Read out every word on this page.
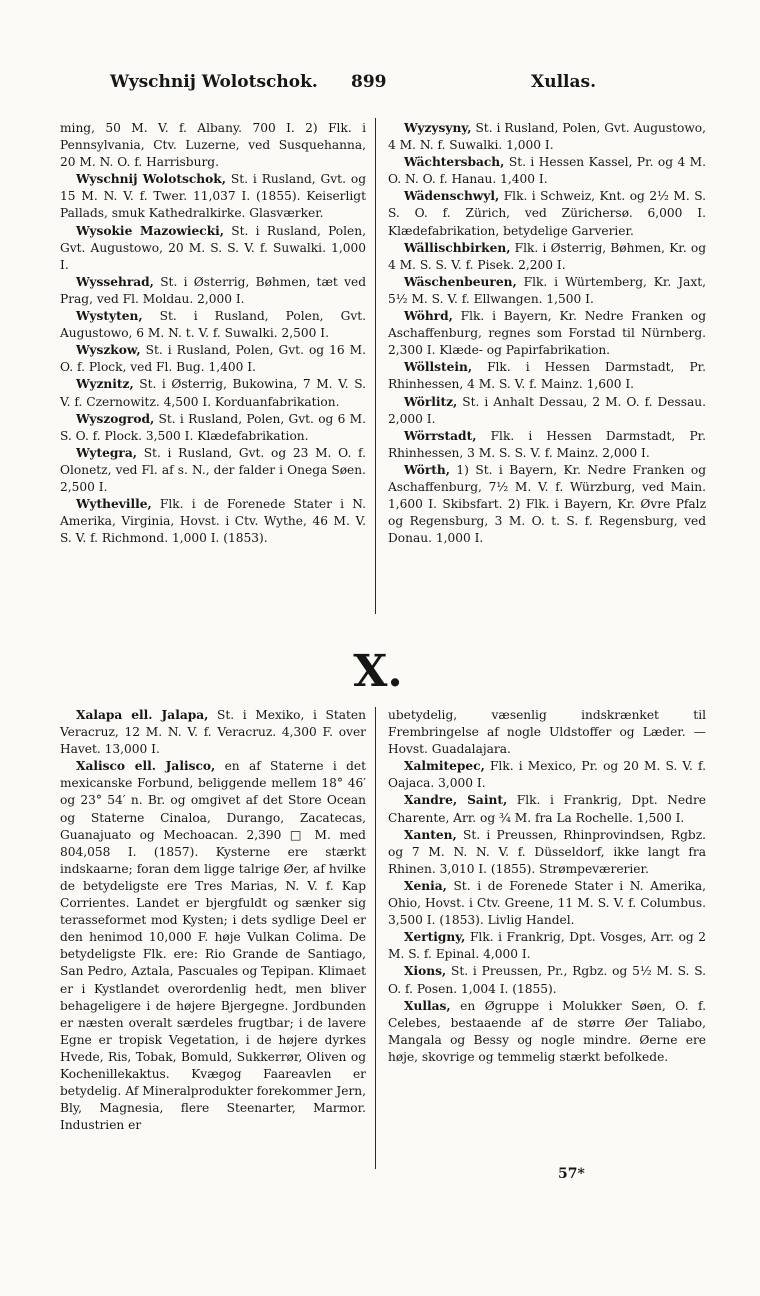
Wyschnij Wolotschok. 899	Xullas.

ming, 50 M. V. f. Albany. 700 I. 2) Flk. i Pennsylvania, Ctv. Luzerne, ved Susquehanna, 20 M. N. O. f. Harrisburg.

Wyschnij Wolotschok, St. i Rusland, Gvt. og 15 M. N. V. f. Twer. 11,037 I. (1855). Keiserligt Pallads, smuk Kathedralkirke. Glasværker.

Wysokie Mazowiecki, St. i Rusland, Polen, Gvt. Augustowo, 20 M. S. S. V. f. Suwalki. 1,000 I.

Wyssehrad, St. i Østerrig, Bøhmen, tæt ved Prag, ved Fl. Moldau. 2,000 I.

Wystyten, St. i Rusland, Polen, Gvt. Augustowo, 6 M. N. t. V. f. Suwalki. 2,500 I.

Wyszkow, St. i Rusland, Polen, Gvt. og 16 M. O. f. Plock, ved Fl. Bug. 1,400 I.

Wyznitz, St. i Østerrig, Bukowina, 7 M. V. S. V. f. Czernowitz. 4,500 I. Korduanfabrikation.

Wyszogrod, St. i Rusland, Polen, Gvt. og 6 M. S. O. f. Plock. 3,500 I. Klædefabrikation.

Wytegra, St. i Rusland, Gvt. og 23 M. O. f. Olonetz, ved Fl. af s. N., der falder i Onega Søen. 2,500 I.

Wytheville, Flk. i de Forenede Stater i N. Amerika, Virginia, Hovst. i Ctv. Wythe, 46 M. V. S. V. f. Richmond. 1,000 I. (1853).

Wyzysyny, St. i Rusland, Polen, Gvt. Augustowo, 4 M. N. f. Suwalki. 1,000 I.

Wächtersbach, St. i Hessen Kassel, Pr. og 4 M. O. N. O. f. Hanau. 1,400 I.

Wädenschwyl, Flk. i Schweiz, Knt. og 2½ M. S. S. O. f. Zürich, ved Zürichersø. 6,000 I. Klædefabrikation, betydelige Garverier.

Wällischbirken, Flk. i Østerrig, Bøhmen, Kr. og 4 M. S. S. V. f. Pisek. 2,200 I.

Wäschenbeuren, Flk. i Würtemberg, Kr. Jaxt, 5½ M. S. V. f. Ellwangen. 1,500 I.

Wöhrd, Flk. i Bayern, Kr. Nedre Franken og Aschaffenburg, regnes som Forstad til Nürnberg. 2,300 I. Klæde- og Papirfabrikation.

Wöllstein, Flk. i Hessen Darmstadt, Pr. Rhinhessen, 4 M. S. V. f. Mainz. 1,600 I.

Wörlitz, St. i Anhalt Dessau, 2 M. O. f. Dessau. 2,000 I.

Wörrstadt, Flk. i Hessen Darmstadt, Pr. Rhinhessen, 3 M. S. S. V. f. Mainz. 2,000 I.

Wörth, 1) St. i Bayern, Kr. Nedre Franken og Aschaffenburg, 7½ M. V. f. Würzburg, ved Main. 1,600 I. Skibsfart. 2) Flk. i Bayern, Kr. Øvre Pfalz og Regensburg, 3 M. O. t. S. f. Regensburg, ved Donau. 1,000 I.

X.

Xalapa ell. Jalapa, St. i Mexiko, i Staten Veracruz, 12 M. N. V. f. Veracruz. 4,300 F. over Havet. 13,000 I.

Xalisco ell. Jalisco, en af Staterne i det mexicanske Forbund, beliggende mellem 18° 46′ og 23° 54′ n. Br. og omgivet af det Store Ocean og Staterne Cinaloa, Durango, Zacatecas, Guanajuato og Mechoacan. 2,390 □ M. med 804,058 I. (1857). Kysterne ere stærkt indskaarne; foran dem ligge talrige Øer, af hvilke de betydeligste ere Tres Marias, N. V. f. Kap Corrientes. Landet er bjergfuldt og sænker sig terasseformet mod Kysten; i dets sydlige Deel er den henimod 10,000 F. høje Vulkan Colima. De betydeligste Flk. ere: Rio Grande de Santiago, San Pedro, Aztala, Pascuales og Tepipan. Klimaet er i Kystlandet overordenlig hedt, men bliver behageligere i de højere Bjergegne. Jordbunden er næsten overalt særdeles frugtbar; i de lavere Egne er tropisk Vegetation, i de højere dyrkes Hvede, Ris, Tobak, Bomuld, Sukkerrør, Oliven og Kochenillekaktus. Kvægog Faareavlen er betydelig. Af Mineralprodukter forekommer Jern, Bly, Magnesia, flere Steenarter, Marmor. Industrien er

ubetydelig, væsenlig indskrænket til Frembringelse af nogle Uldstoffer og Læder. — Hovst. Guadalajara.

Xalmitepec, Flk. i Mexico, Pr. og 20 M. S. V. f. Oajaca. 3,000 I.

Xandre, Saint, Flk. i Frankrig, Dpt. Nedre Charente, Arr. og ¾ M. fra La Rochelle. 1,500 I.

Xanten, St. i Preussen, Rhinprovindsen, Rgbz. og 7 M. N. N. V. f. Düsseldorf, ikke langt fra Rhinen. 3,010 I. (1855). Strømpeværerier.

Xenia, St. i de Forenede Stater i N. Amerika, Ohio, Hovst. i Ctv. Greene, 11 M. S. V. f. Columbus. 3,500 I. (1853). Livlig Handel.

Xertigny, Flk. i Frankrig, Dpt. Vosges, Arr. og 2 M. S. f. Epinal. 4,000 I.

Xions, St. i Preussen, Pr., Rgbz. og 5½ M. S. S. O. f. Posen. 1,004 I. (1855).

Xullas, en Øgruppe i Molukker Søen, O. f. Celebes, bestaaende af de større Øer Taliabo, Mangala og Bessy og nogle mindre. Øerne ere høje, skovrige og temmelig stærkt befolkede.

57*
